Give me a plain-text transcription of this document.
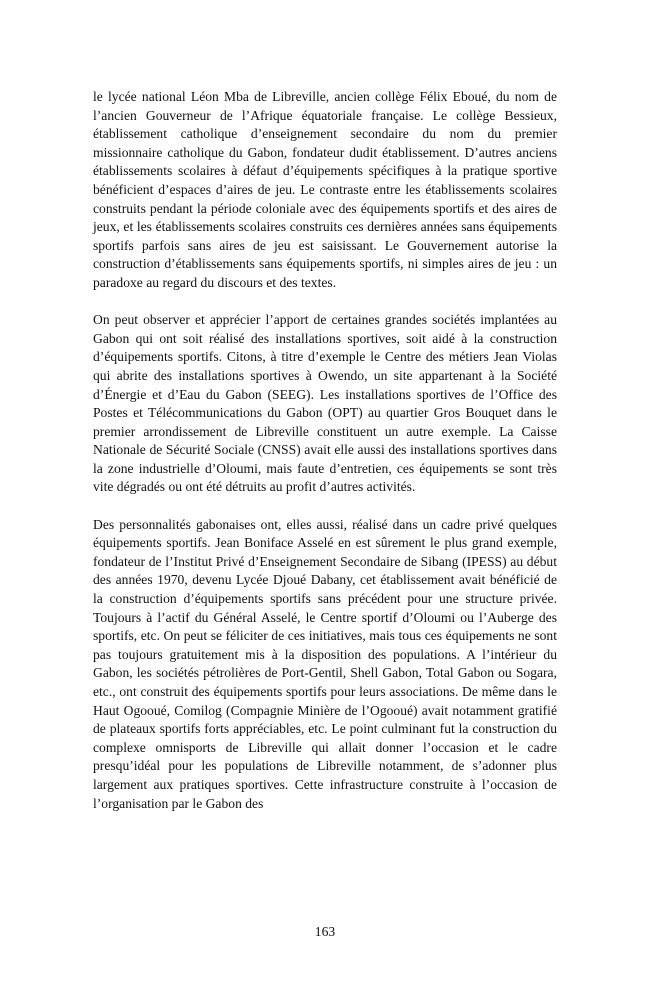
le lycée national Léon Mba de Libreville, ancien collège Félix Eboué, du nom de l’ancien Gouverneur de l’Afrique équatoriale française. Le collège Bessieux, établissement catholique d’enseignement secondaire du nom du premier missionnaire catholique du Gabon, fondateur dudit établissement. D’autres anciens établissements scolaires à défaut d’équipements spécifiques à la pratique sportive bénéficient d’espaces d’aires de jeu. Le contraste entre les établissements scolaires construits pendant la période coloniale avec des équipements sportifs et des aires de jeux, et les établissements scolaires construits ces dernières années sans équipements sportifs parfois sans aires de jeu est saisissant. Le Gouvernement autorise la construction d’établissements sans équipements sportifs, ni simples aires de jeu : un paradoxe au regard du discours et des textes.

On peut observer et apprécier l’apport de certaines grandes sociétés implantées au Gabon qui ont soit réalisé des installations sportives, soit aidé à la construction d’équipements sportifs. Citons, à titre d’exemple le Centre des métiers Jean Violas qui abrite des installations sportives à Owendo, un site appartenant à la Société d’Énergie et d’Eau du Gabon (SEEG). Les installations sportives de l’Office des Postes et Télécommunications du Gabon (OPT) au quartier Gros Bouquet dans le premier arrondissement de Libreville constituent un autre exemple. La Caisse Nationale de Sécurité Sociale (CNSS) avait elle aussi des installations sportives dans la zone industrielle d’Oloumi, mais faute d’entretien, ces équipements se sont très vite dégradés ou ont été détruits au profit d’autres activités.

Des personnalités gabonaises ont, elles aussi, réalisé dans un cadre privé quelques équipements sportifs. Jean Boniface Asselé en est sûrement le plus grand exemple, fondateur de l’Institut Privé d’Enseignement Secondaire de Sibang (IPESS) au début des années 1970, devenu Lycée Djoué Dabany, cet établissement avait bénéficié de la construction d’équipements sportifs sans précédent pour une structure privée. Toujours à l’actif du Général Asselé, le Centre sportif d’Oloumi ou l’Auberge des sportifs, etc. On peut se féliciter de ces initiatives, mais tous ces équipements ne sont pas toujours gratuitement mis à la disposition des populations. A l’intérieur du Gabon, les sociétés pétrolières de Port-Gentil, Shell Gabon, Total Gabon ou Sogara, etc., ont construit des équipements sportifs pour leurs associations. De même dans le Haut Ogooué, Comilog (Compagnie Minière de l’Ogooué) avait notamment gratifié de plateaux sportifs forts appréciables, etc. Le point culminant fut la construction du complexe omnisports de Libreville qui allait donner l’occasion et le cadre presqu’idéal pour les populations de Libreville notamment, de s’adonner plus largement aux pratiques sportives. Cette infrastructure construite à l’occasion de l’organisation par le Gabon des

163
